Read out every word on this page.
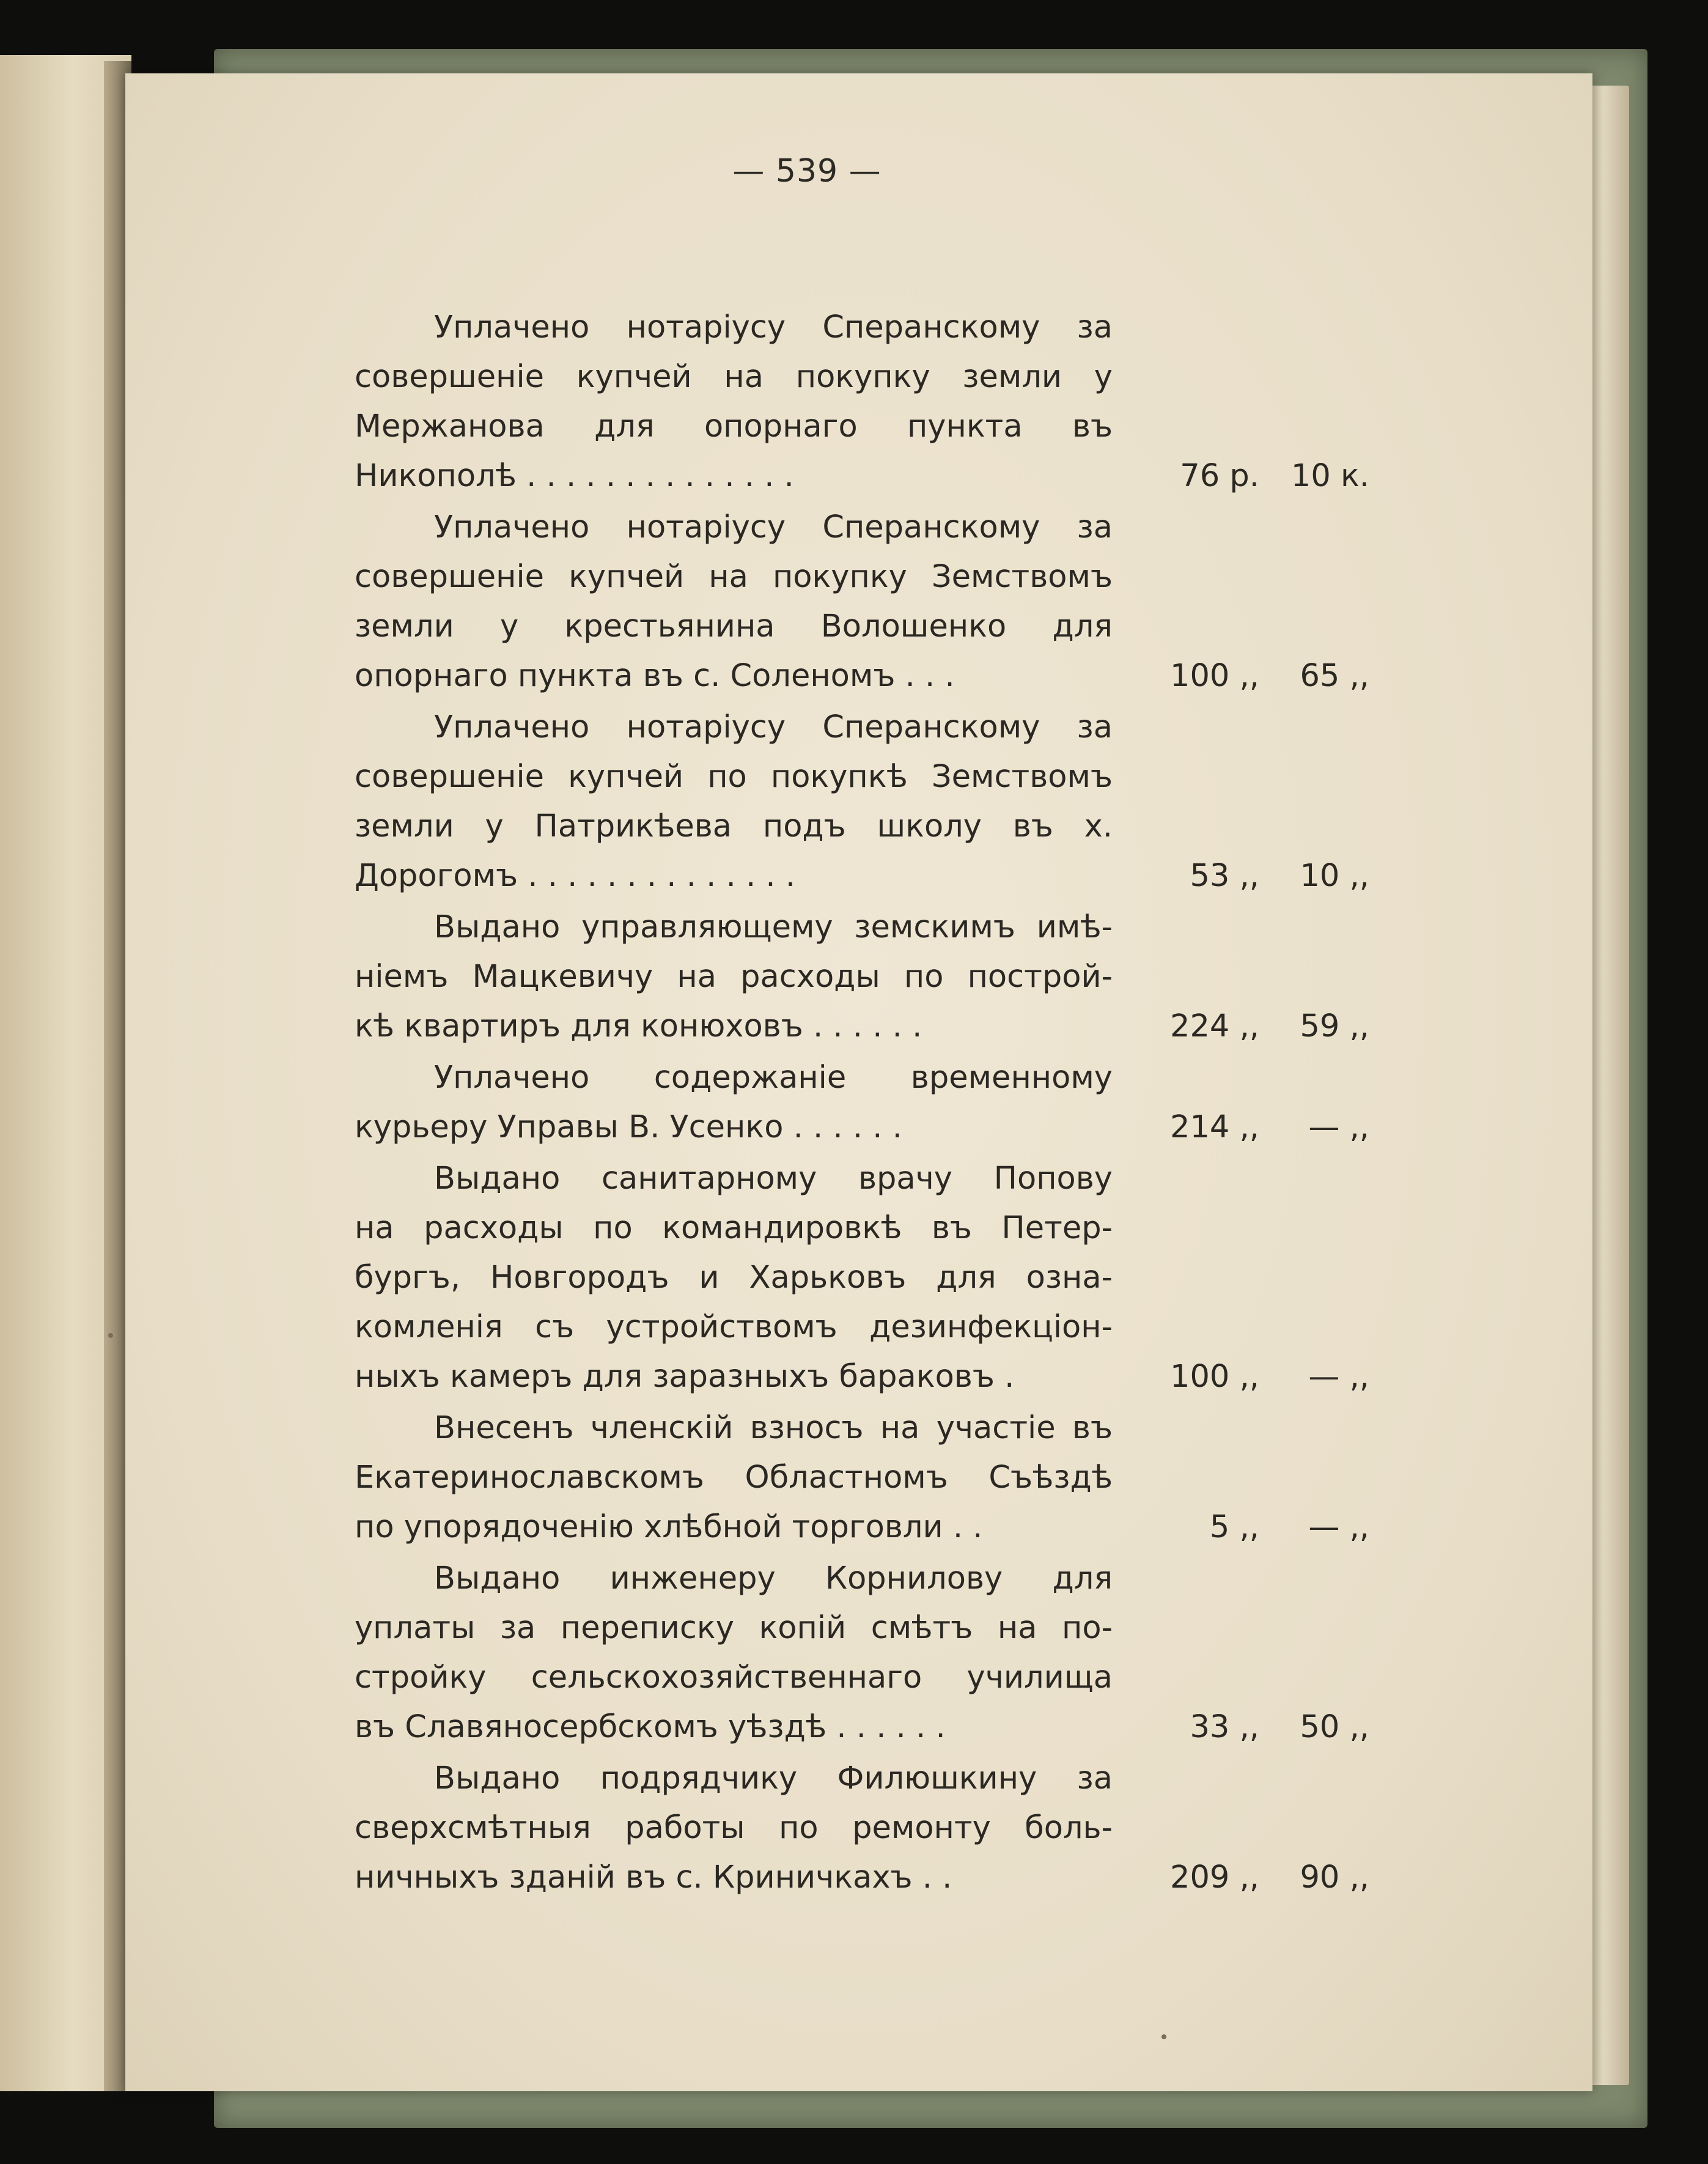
— 539 —
Уплачено нотаріусу Сперанскому за
совершеніе купчей на покупку земли у
Мержанова для опорнаго пункта въ
Никополѣ . . . . . . . . . . . . . .	76 р.	10 к.
Уплачено нотаріусу Сперанскому за
совершеніе купчей на покупку Земствомъ
земли у крестьянина Волошенко для
опорнаго пункта въ с. Соленомъ . . .	100 ,,	65 ,,
Уплачено нотаріусу Сперанскому за
совершеніе купчей по покупкѣ Земствомъ
земли у Патрикѣева подъ школу въ х.
Дорогомъ . . . . . . . . . . . . . .	53 ,,	10 ,,
Выдано управляющему земскимъ имѣ-
ніемъ Мацкевичу на расходы по построй-
кѣ квартиръ для конюховъ . . . . . .	224 ,,	59 ,,
Уплачено содержаніе временному
курьеру Управы В. Усенко . . . . . .	214 ,,	— ,,
Выдано санитарному врачу Попову
на расходы по командировкѣ въ Петер-
бургъ, Новгородъ и Харьковъ для озна-
комленія съ устройствомъ дезинфекціон-
ныхъ камеръ для заразныхъ бараковъ .	100 ,,	— ,,
Внесенъ членскій взносъ на участіе въ
Екатеринославскомъ Областномъ Съѣздѣ
по упорядоченію хлѣбной торговли . .	5 ,,	— ,,
Выдано инженеру Корнилову для
уплаты за переписку копій смѣтъ на по-
стройку сельскохозяйственнаго училища
въ Славяносербскомъ уѣздѣ . . . . . .	33 ,,	50 ,,
Выдано подрядчику Филюшкину за
сверхсмѣтныя работы по ремонту боль-
ничныхъ зданій въ с. Криничкахъ . .	209 ,,	90 ,,
